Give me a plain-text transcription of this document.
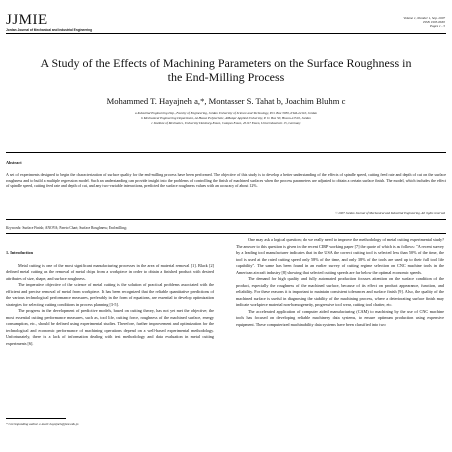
JJMIE
Jordan Journal of Mechanical and Industrial Engineering
Volume 1, Number 1, Sep. 2007
ISSN 1995-6665
Pages 1 - 5
A Study of the Effects of Machining Parameters on the Surface Roughness in the End-Milling Process
Mohammed T. Hayajneh a,*, Montasser S. Tahat b, Joachim Bluhm c
a Industrial Engineering Dep., Faculty of Engineering, Jordan University of Science and Technology, P.O. Box 3030, Irbid-22110, Jordan
b Mechanical Engineering Department, Al-Hason Polytechnic, AlBalqa' Applied University, P. O. Box 50, Huson-21510, Jordan
c Institute of Mechanics, University Duisburg-Essen, Campus Essen, 45117 Essen, Universitaetsstr. 15, Germany
Abstract
A set of experiments designed to begin the characterization of surface quality for the end-milling process have been performed. The objective of this study is to develop a better understanding of the effects of spindle speed, cutting feed rate and depth of cut on the surface roughness and to build a multiple regression model. Such an understanding can provide insight into the problems of controlling the finish of machined surfaces when the process parameters are adjusted to obtain a certain surface finish. The model, which includes the effect of spindle speed, cutting feed rate and depth of cut, and any two-variable interactions, predicted the surface roughness values with an accuracy of about 12%.
© 2007 Jordan Journal of Mechanical and Industrial Engineering. All rights reserved
Keywords: Surface Finish; ANOVA; Pareto Chart; Surface Roughness; End milling;
1. Introduction

Metal cutting is one of the most significant manufacturing processes in the area of material removal [1]. Black [2] defined metal cutting as the removal of metal chips from a workpiece in order to obtain a finished product with desired attributes of size, shape, and surface roughness.

The imperative objective of the science of metal cutting is the solution of practical problems associated with the efficient and precise removal of metal from workpiece. It has been recognized that the reliable quantitative predictions of the various technological performance measures, preferably in the form of equations, are essential to develop optimization strategies for selecting cutting conditions in process planning [3-5].

The progress in the development of predictive models, based on cutting theory, has not yet met the objective; the most essential cutting performance measures, such as, tool life, cutting force, roughness of the machined surface, energy consumption, etc., should be defined using experimental studies. Therefore, further improvement and optimization for the technological and economic performance of machining operations depend on a well-based experimental methodology. Unfortunately, there is a lack of information dealing with test methodology and data evaluation in metal cutting experiments [6].

One may ask a logical question; do we really need to improve the methodology of metal cutting experimental study? The answer to this question is given in the recent CIRP working paper [7] the quote of which is as follows: "A recent survey by a leading tool manufacturer indicates that in the USA the correct cutting tool is selected less than 50% of the time, the tool is used at the rated cutting speed only 58% of the time, and only 38% of the tools are used up to their full tool life capability". The same has been found in an earlier survey of cutting regime selection on CNC machine tools in the American aircraft industry [8] showing that selected cutting speeds are far below the optimal economic speeds.

The demand for high quality and fully automated production focuses attention on the surface condition of the product, especially the roughness of the machined surface, because of its effect on product appearance, function, and reliability. For these reasons it is important to maintain consistent tolerances and surface finish [9]. Also, the quality of the machined surface is useful in diagnosing the stability of the machining process, where a deteriorating surface finish may indicate workpiece material non-homogeneity, progressive tool wear, cutting tool chatter, etc.

The accelerated application of computer aided manufacturing (CAM) to machining by the use of CNC machine tools has focused on developing reliable machinery data systems, to ensure optimum production using expensive equipment. These computerized machinability data systems have been classified into two

* Corresponding author. e-mail: hayajneh@just.edu.jo
